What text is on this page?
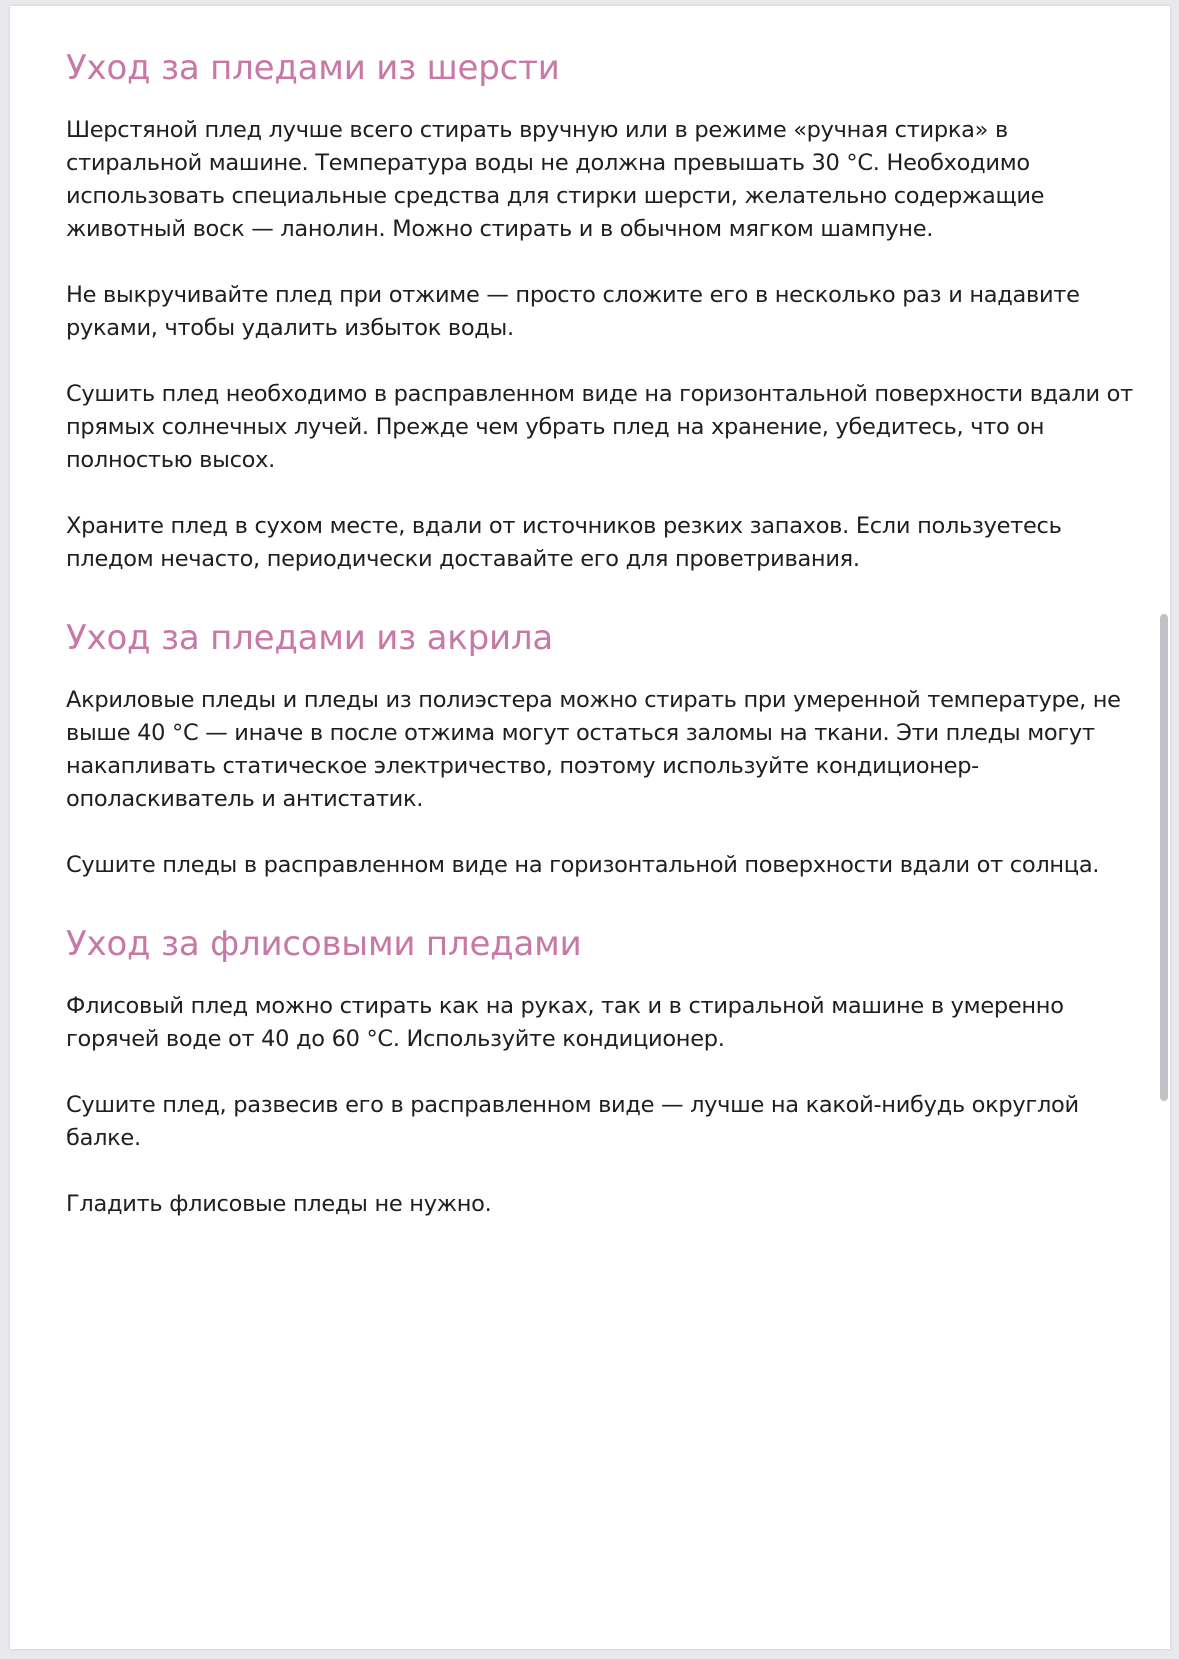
Уход за пледами из шерсти

Шерстяной плед лучше всего стирать вручную или в режиме «ручная стирка» в стиральной машине. Температура воды не должна превышать 30 °C. Необходимо использовать специальные средства для стирки шерсти, желательно содержащие животный воск — ланолин. Можно стирать и в обычном мягком шампуне.

Не выкручивайте плед при отжиме — просто сложите его в несколько раз и надавите руками, чтобы удалить избыток воды.

Сушить плед необходимо в расправленном виде на горизонтальной поверхности вдали от прямых солнечных лучей. Прежде чем убрать плед на хранение, убедитесь, что он полностью высох.

Храните плед в сухом месте, вдали от источников резких запахов. Если пользуетесь пледом нечасто, периодически доставайте его для проветривания.

Уход за пледами из акрила

Акриловые пледы и пледы из полиэстера можно стирать при умеренной температуре, не выше 40 °C — иначе в после отжима могут остаться заломы на ткани. Эти пледы могут накапливать статическое электричество, поэтому используйте кондиционер-ополаскиватель и антистатик.

Сушите пледы в расправленном виде на горизонтальной поверхности вдали от солнца.

Уход за флисовыми пледами

Флисовый плед можно стирать как на руках, так и в стиральной машине в умеренно горячей воде от 40 до 60 °C. Используйте кондиционер.

Сушите плед, развесив его в расправленном виде — лучше на какой-нибудь округлой балке.

Гладить флисовые пледы не нужно.
